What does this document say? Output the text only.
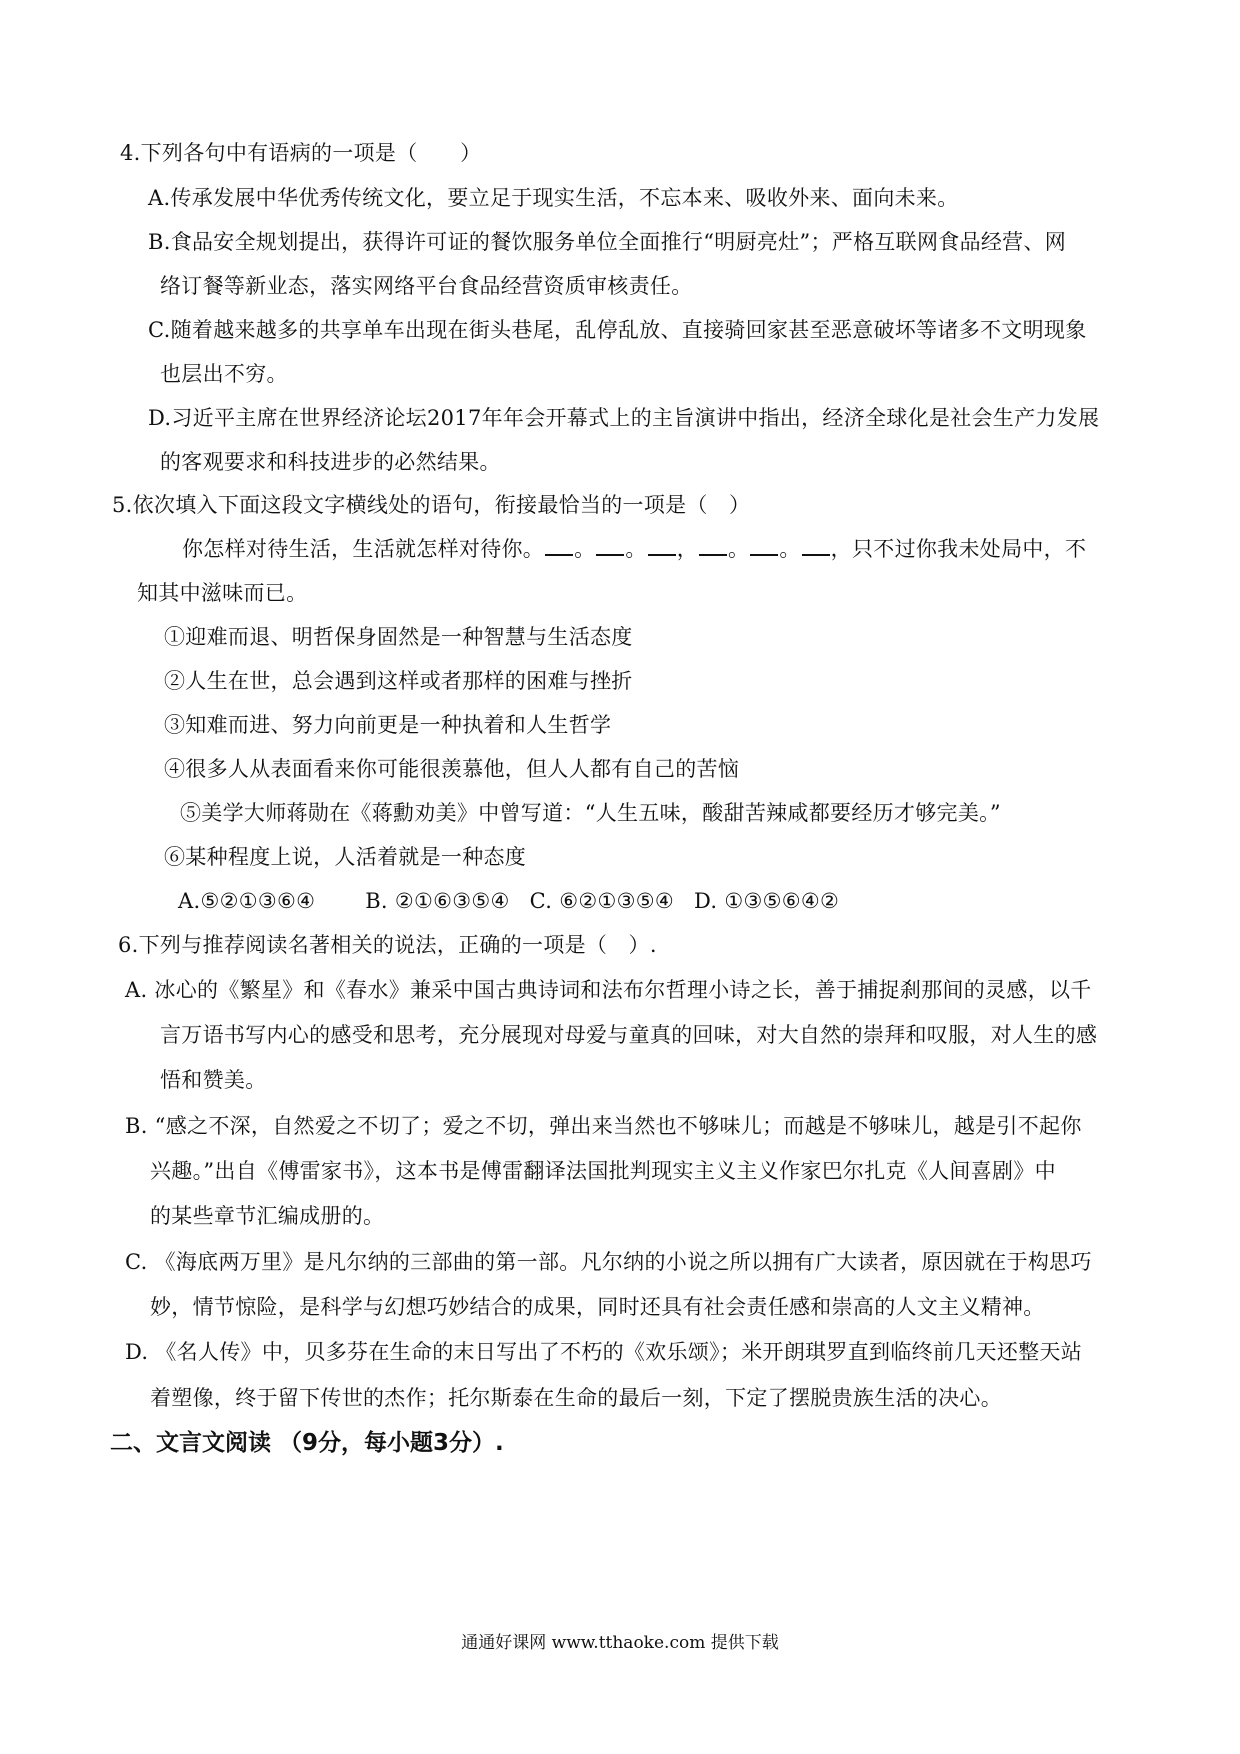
4.下列各句中有语病的一项是（　　）
A.传承发展中华优秀传统文化，要立足于现实生活，不忘本来、吸收外来、面向未来。
B.食品安全规划提出，获得许可证的餐饮服务单位全面推行“明厨亮灶”；严格互联网食品经营、网
络订餐等新业态，落实网络平台食品经营资质审核责任。
C.随着越来越多的共享单车出现在街头巷尾，乱停乱放、直接骑回家甚至恶意破坏等诸多不文明现象
也层出不穷。
D.习近平主席在世界经济论坛2017年年会开幕式上的主旨演讲中指出，经济全球化是社会生产力发展
的客观要求和科技进步的必然结果。
5.依次填入下面这段文字横线处的语句，衔接最恰当的一项是（　）
你怎样对待生活，生活就怎样对待你。 。 。 ， 。 。 ，只不过你我未处局中，不
知其中滋味而已。
①迎难而退、明哲保身固然是一种智慧与生活态度
②人生在世，总会遇到这样或者那样的困难与挫折
③知难而进、努力向前更是一种执着和人生哲学
④很多人从表面看来你可能很羡慕他，但人人都有自己的苦恼
⑤美学大师蒋勋在《蒋勳劝美》中曾写道：“人生五味，酸甜苦辣咸都要经历才够完美。”
⑥某种程度上说，人活着就是一种态度
A.⑤②①③⑥④ B. ②①⑥③⑤④ C. ⑥②①③⑤④ D. ①③⑤⑥④②
6.下列与推荐阅读名著相关的说法，正确的一项是（　）.
A. 冰心的《繁星》和《春水》兼采中国古典诗词和法布尔哲理小诗之长，善于捕捉刹那间的灵感，以千
言万语书写内心的感受和思考，充分展现对母爱与童真的回味，对大自然的崇拜和叹服，对人生的感
悟和赞美。
B. “感之不深，自然爱之不切了；爱之不切，弹出来当然也不够味儿；而越是不够味儿，越是引不起你
兴趣。”出自《傅雷家书》，这本书是傅雷翻译法国批判现实主义主义作家巴尔扎克《人间喜剧》中
的某些章节汇编成册的。
C. 《海底两万里》是凡尔纳的三部曲的第一部。凡尔纳的小说之所以拥有广大读者，原因就在于构思巧
妙，情节惊险，是科学与幻想巧妙结合的成果，同时还具有社会责任感和崇高的人文主义精神。
D. 《名人传》中，贝多芬在生命的末日写出了不朽的《欢乐颂》；米开朗琪罗直到临终前几天还整天站
着塑像，终于留下传世的杰作；托尔斯泰在生命的最后一刻，下定了摆脱贵族生活的决心。
二、文言文阅读 （9分，每小题3分）.
通通好课网 www.tthaoke.com 提供下载
